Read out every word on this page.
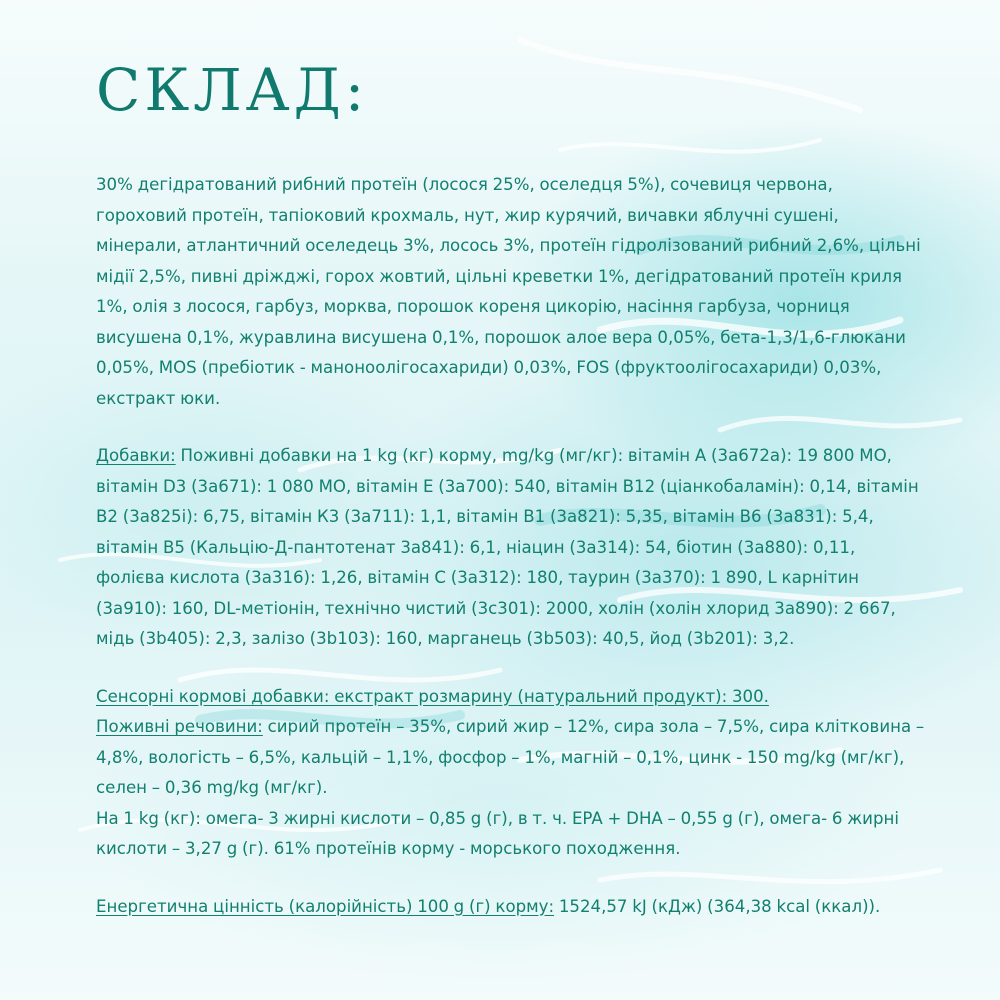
СКЛАД:

30% дегідратований рибний протеїн (лосося 25%, оселедця 5%), сочевиця червона, гороховий протеїн, тапіоковий крохмаль, нут, жир курячий, вичавки яблучні сушені, мінерали, атлантичний оселедець 3%, лосось 3%, протеїн гідролізований рибний 2,6%, цільні мідії 2,5%, пивні дріжджі, горох жовтий, цільні креветки 1%, дегідратований протеїн криля 1%, олія з лосося, гарбуз, морква, порошок кореня цикорію, насіння гарбуза, чорниця висушена 0,1%, журавлина висушена 0,1%, порошок алое вера 0,05%, бета-1,3/1,6-глюкани 0,05%, MOS (пребіотик - маноноолігосахариди) 0,03%, FOS (фруктоолігосахариди) 0,03%, екстракт юки.

Добавки: Поживні добавки на 1 kg (кг) корму, mg/kg (мг/кг): вітамін А (3а672а): 19 800 МО, вітамін D3 (3а671): 1 080 МО, вітамін Е (3а700): 540, вітамін B12 (ціанкобаламін): 0,14, вітамін B2 (3а825і): 6,75, вітамін К3 (3а711): 1,1, вітамін B1 (3а821): 5,35, вітамін B6 (3а831): 5,4, вітамін B5 (Кальцію-Д-пантотенат 3а841): 6,1, ніацин (3а314): 54, біотин (3а880): 0,11, фолієва кислота (3а316): 1,26, вітамін С (3а312): 180, таурин (3а370): 1 890, L карнітин (3а910): 160, DL-метіонін, технічно чистий (3с301): 2000, холін (холін хлорид 3а890): 2 667, мідь (3b405): 2,3, залізо (3b103): 160, марганець (3b503): 40,5, йод (3b201): 3,2.

Сенсорні кормові добавки: екстракт розмарину (натуральний продукт): 300.

Поживні речовини: сирий протеїн – 35%, сирий жир – 12%, сира зола – 7,5%, сира клітковина – 4,8%, вологість – 6,5%, кальцій – 1,1%, фосфор – 1%, магній – 0,1%, цинк - 150 mg/kg (мг/кг), селен – 0,36 mg/kg (мг/кг).

На 1 kg (кг): омега- 3 жирні кислоти – 0,85 g (г), в т. ч. EPA + DHA – 0,55 g (г), омега- 6 жирні кислоти – 3,27 g (г). 61% протеїнів корму - морського походження.

Енергетична цінність (калорійність) 100 g (г) корму: 1524,57 kJ (кДж) (364,38 kcal (ккал)).
